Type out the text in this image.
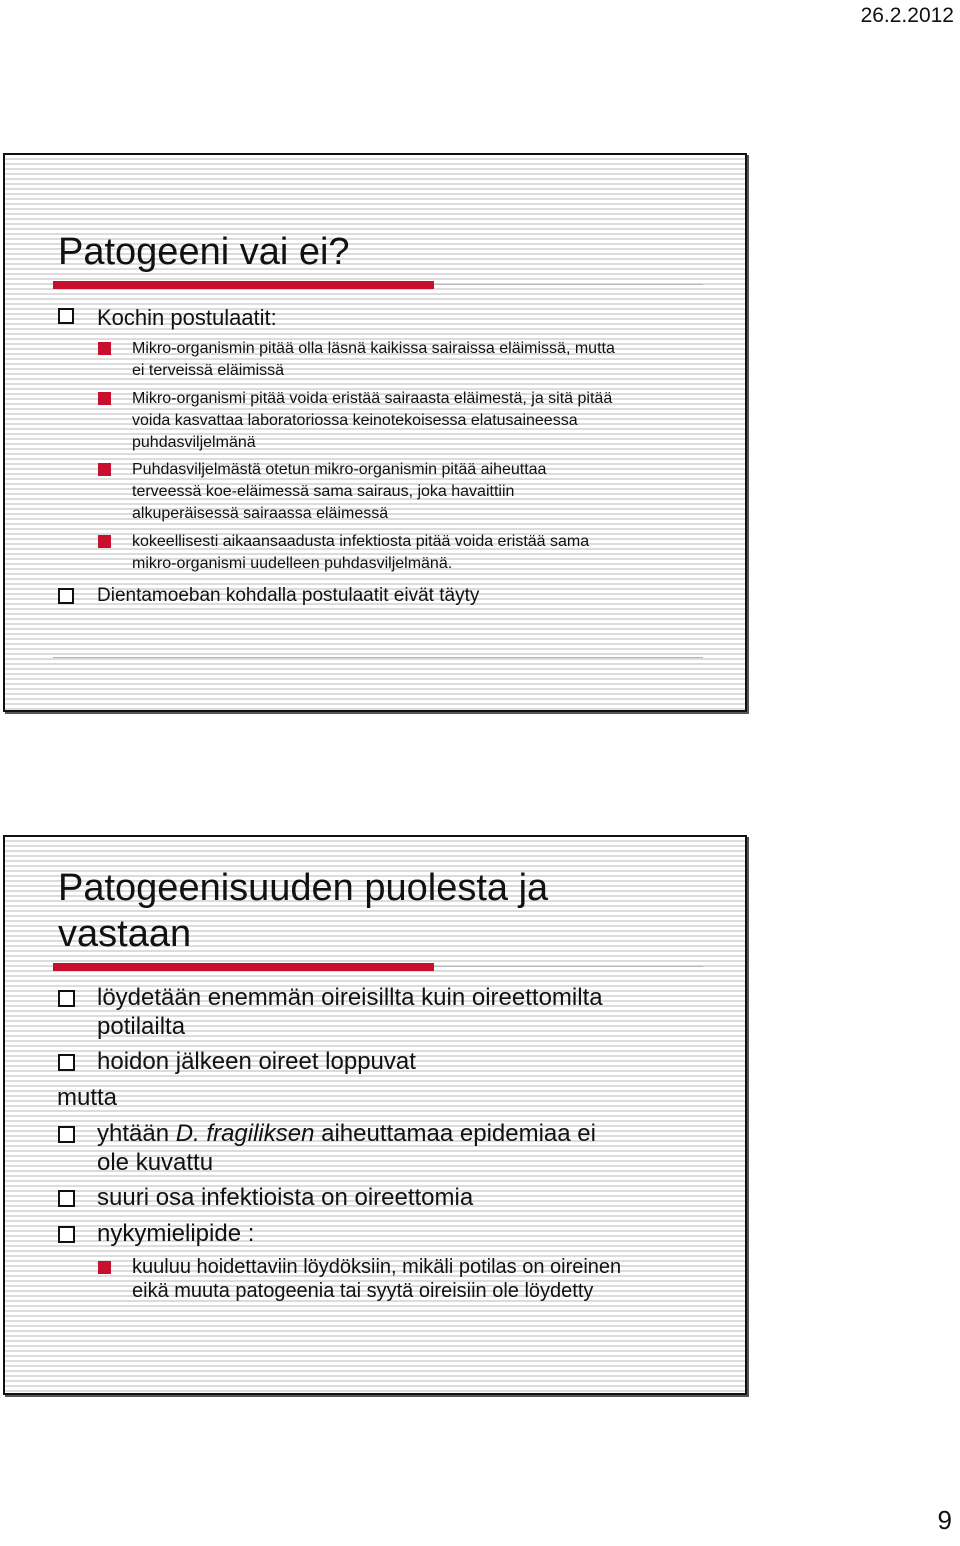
26.2.2012
Patogeeni vai ei?
Kochin postulaatit:
Mikro-organismin pitää olla läsnä kaikissa sairaissa eläimissä, mutta
ei terveissä eläimissä
Mikro-organismi pitää voida eristää sairaasta eläimestä, ja sitä pitää
voida kasvattaa laboratoriossa keinotekoisessa elatusaineessa
puhdasviljelmänä
Puhdasviljelmästä otetun mikro-organismin pitää aiheuttaa
terveessä koe-eläimessä sama sairaus, joka havaittiin
alkuperäisessä sairaassa eläimessä
kokeellisesti aikaansaadusta infektiosta pitää voida eristää sama
mikro-organismi uudelleen puhdasviljelmänä.
Dientamoeban kohdalla postulaatit eivät täyty
Patogeenisuuden puolesta ja
vastaan
löydetään enemmän oireisillta kuin oireettomilta
potilailta
hoidon jälkeen oireet loppuvat
mutta
yhtään D. fragiliksen aiheuttamaa epidemiaa ei
ole kuvattu
suuri osa infektioista on oireettomia
nykymielipide :
kuuluu hoidettaviin löydöksiin, mikäli potilas on oireinen
eikä muuta patogeenia tai syytä oireisiin ole löydetty
9
